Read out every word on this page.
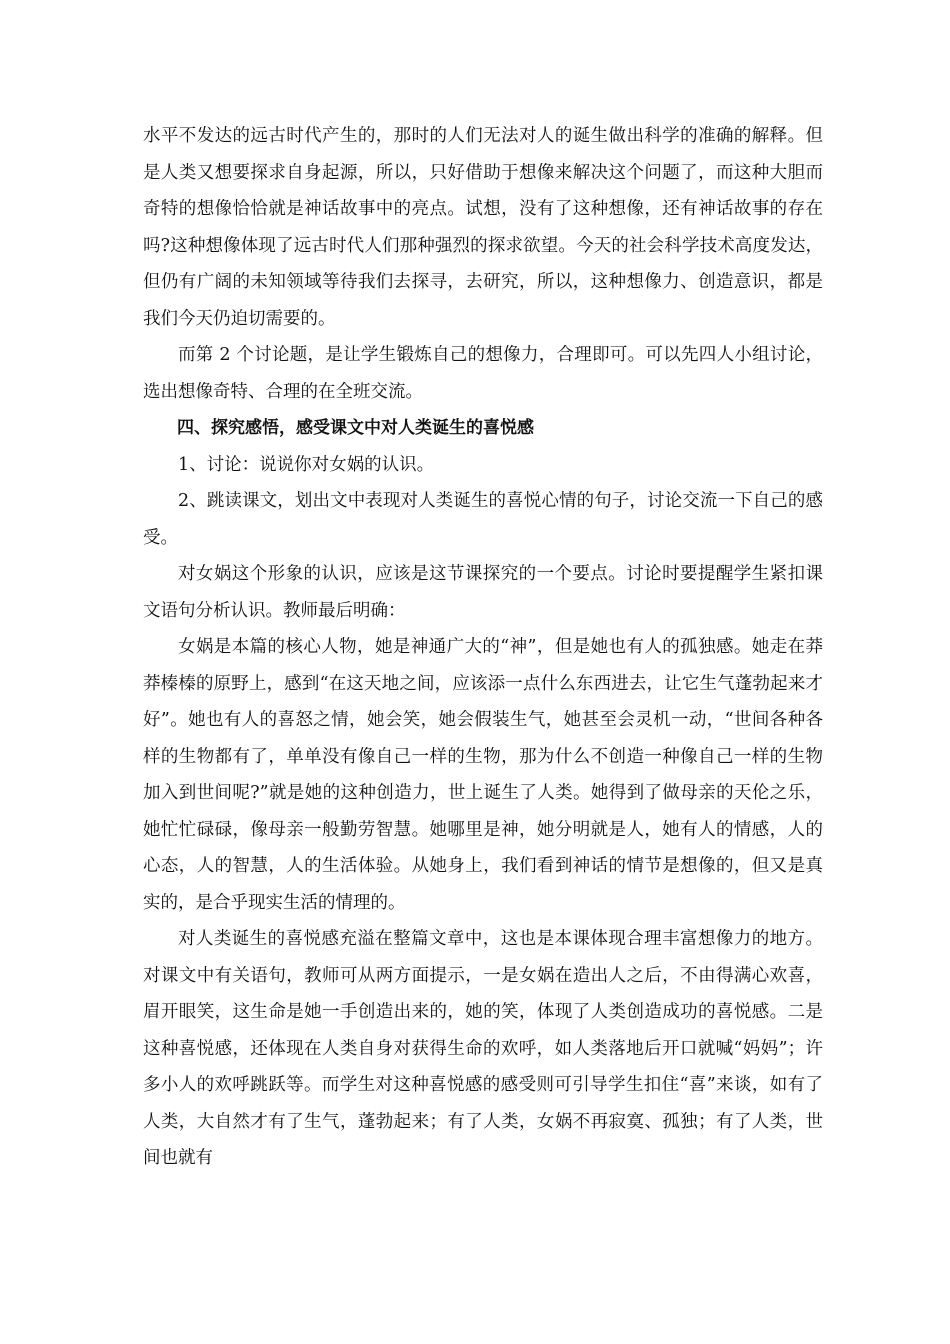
水平不发达的远古时代产生的，那时的人们无法对人的诞生做出科学的准确的解释。但是人类又想要探求自身起源，所以，只好借助于想像来解决这个问题了，而这种大胆而奇特的想像恰恰就是神话故事中的亮点。试想，没有了这种想像，还有神话故事的存在吗?这种想像体现了远古时代人们那种强烈的探求欲望。今天的社会科学技术高度发达，但仍有广阔的未知领域等待我们去探寻，去研究，所以，这种想像力、创造意识，都是我们今天仍迫切需要的。

而第 2 个讨论题，是让学生锻炼自己的想像力，合理即可。可以先四人小组讨论，选出想像奇特、合理的在全班交流。

四、探究感悟，感受课文中对人类诞生的喜悦感

1、讨论：说说你对女娲的认识。

2、跳读课文，划出文中表现对人类诞生的喜悦心情的句子，讨论交流一下自己的感受。

对女娲这个形象的认识，应该是这节课探究的一个要点。讨论时要提醒学生紧扣课文语句分析认识。教师最后明确：

女娲是本篇的核心人物，她是神通广大的“神”，但是她也有人的孤独感。她走在莽莽榛榛的原野上，感到“在这天地之间，应该添一点什么东西进去，让它生气蓬勃起来才好”。她也有人的喜怒之情，她会笑，她会假装生气，她甚至会灵机一动，“世间各种各样的生物都有了，单单没有像自己一样的生物，那为什么不创造一种像自己一样的生物加入到世间呢?”就是她的这种创造力，世上诞生了人类。她得到了做母亲的天伦之乐，她忙忙碌碌，像母亲一般勤劳智慧。她哪里是神，她分明就是人，她有人的情感，人的心态，人的智慧，人的生活体验。从她身上，我们看到神话的情节是想像的，但又是真实的，是合乎现实生活的情理的。

对人类诞生的喜悦感充溢在整篇文章中，这也是本课体现合理丰富想像力的地方。对课文中有关语句，教师可从两方面提示，一是女娲在造出人之后，不由得满心欢喜，眉开眼笑，这生命是她一手创造出来的，她的笑，体现了人类创造成功的喜悦感。二是这种喜悦感，还体现在人类自身对获得生命的欢呼，如人类落地后开口就喊“妈妈”；许多小人的欢呼跳跃等。而学生对这种喜悦感的感受则可引导学生扣住“喜”来谈，如有了人类，大自然才有了生气，蓬勃起来；有了人类，女娲不再寂寞、孤独；有了人类，世间也就有
